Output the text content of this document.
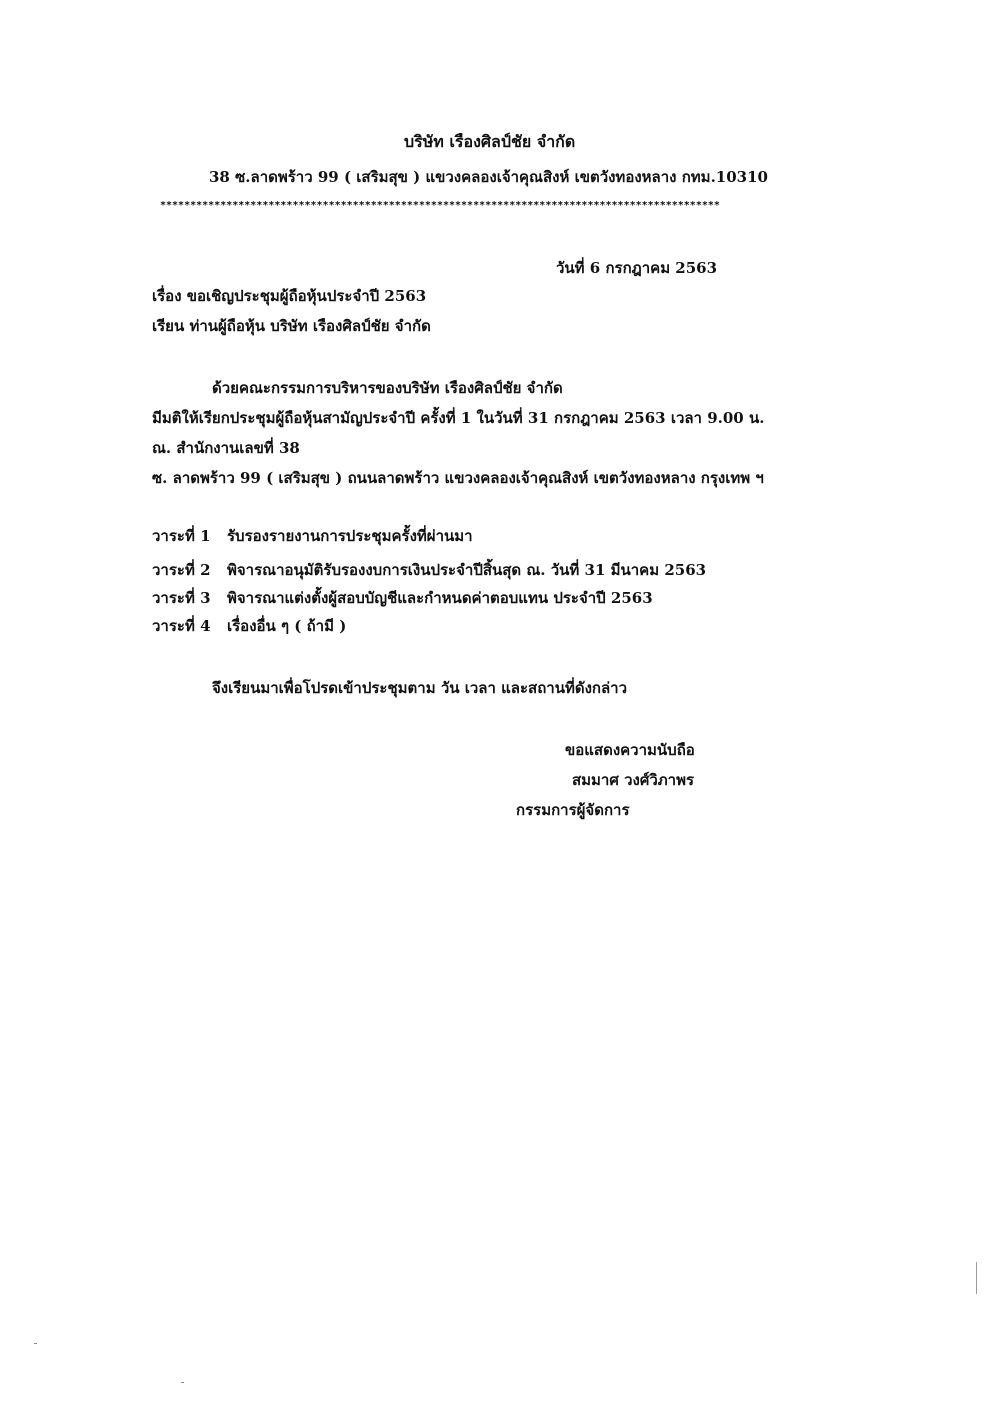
บริษัท เรืองศิลป์ชัย จำกัด
38 ซ.ลาดพร้าว 99 ( เสริมสุข ) แขวงคลองเจ้าคุณสิงห์ เขตวังทองหลาง กทม.10310
*********************************************************************************************
วันที่ 6 กรกฎาคม 2563
เรื่อง ขอเชิญประชุมผู้ถือหุ้นประจำปี 2563
เรียน ท่านผู้ถือหุ้น บริษัท เรืองศิลป์ชัย จำกัด
ด้วยคณะกรรมการบริหารของบริษัท เรืองศิลป์ชัย จำกัด
มีมติให้เรียกประชุมผู้ถือหุ้นสามัญประจำปี ครั้งที่ 1 ในวันที่ 31 กรกฎาคม 2563 เวลา 9.00 น.
ณ. สำนักงานเลขที่ 38
ซ. ลาดพร้าว 99 ( เสริมสุข ) ถนนลาดพร้าว แขวงคลองเจ้าคุณสิงห์ เขตวังทองหลาง กรุงเทพ ฯ
วาระที่ 1 รับรองรายงานการประชุมครั้งที่ผ่านมา
วาระที่ 2 พิจารณาอนุมัติรับรองงบการเงินประจำปีสิ้นสุด ณ. วันที่ 31 มีนาคม 2563
วาระที่ 3 พิจารณาแต่งตั้งผู้สอบบัญชีและกำหนดค่าตอบแทน ประจำปี 2563
วาระที่ 4 เรื่องอื่น ๆ ( ถ้ามี )
จึงเรียนมาเพื่อโปรดเข้าประชุมตาม วัน เวลา และสถานที่ดังกล่าว
ขอแสดงความนับถือ
สมมาศ วงศ์วิภาพร
กรรมการผู้จัดการ
